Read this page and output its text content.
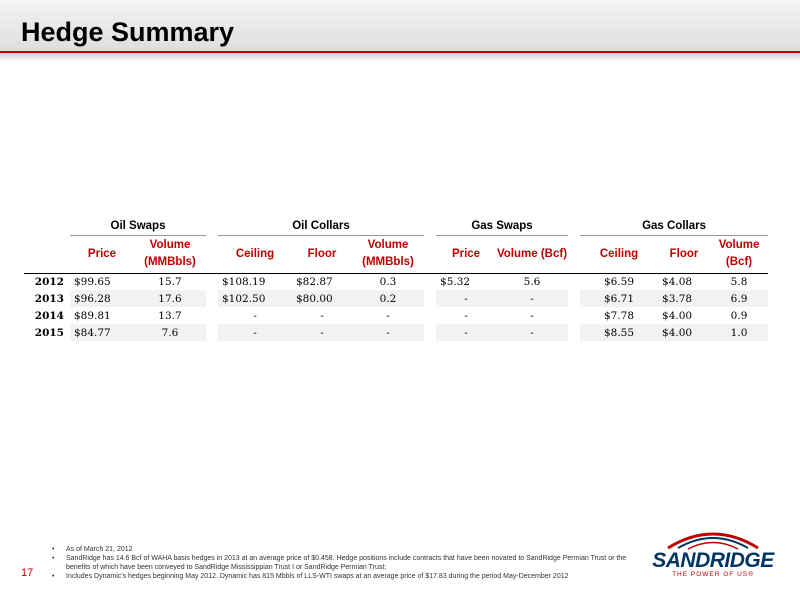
Hedge Summary
	Oil Swaps			Oil Collars				Gas Swaps			Gas Collars		
	Price	Volume (MMBbls)		Ceiling	Floor	Volume (MMBbls)		Price	Volume (Bcf)		Ceiling	Floor	Volume (Bcf)
2012	$99.65	15.7		$108.19	$82.87	0.3		$5.32	5.6		$6.59	$4.08	5.8
2013	$96.28	17.6		$102.50	$80.00	0.2		-	-		$6.71	$3.78	6.9
2014	$89.81	13.7		-	-	-		-	-		$7.78	$4.00	0.9
2015	$84.77	7.6		-	-	-		-	-		$8.55	$4.00	1.0
• As of March 21, 2012
• SandRidge has 14.6 Bcf of WAHA basis hedges in 2013 at an average price of $0.458. Hedge positions include contracts that have been novated to SandRidge Permian Trust or the benefits of which have been conveyed to SandRidge Mississippian Trust I or SandRidge Permian Trust;
• Includes Dynamic's hedges beginning May 2012. Dynamic has 815 Mbbls of LLS-WTI swaps at an average price of $17.83 during the period May-December 2012
17
SANDRIDGE
THE POWER OF US®
